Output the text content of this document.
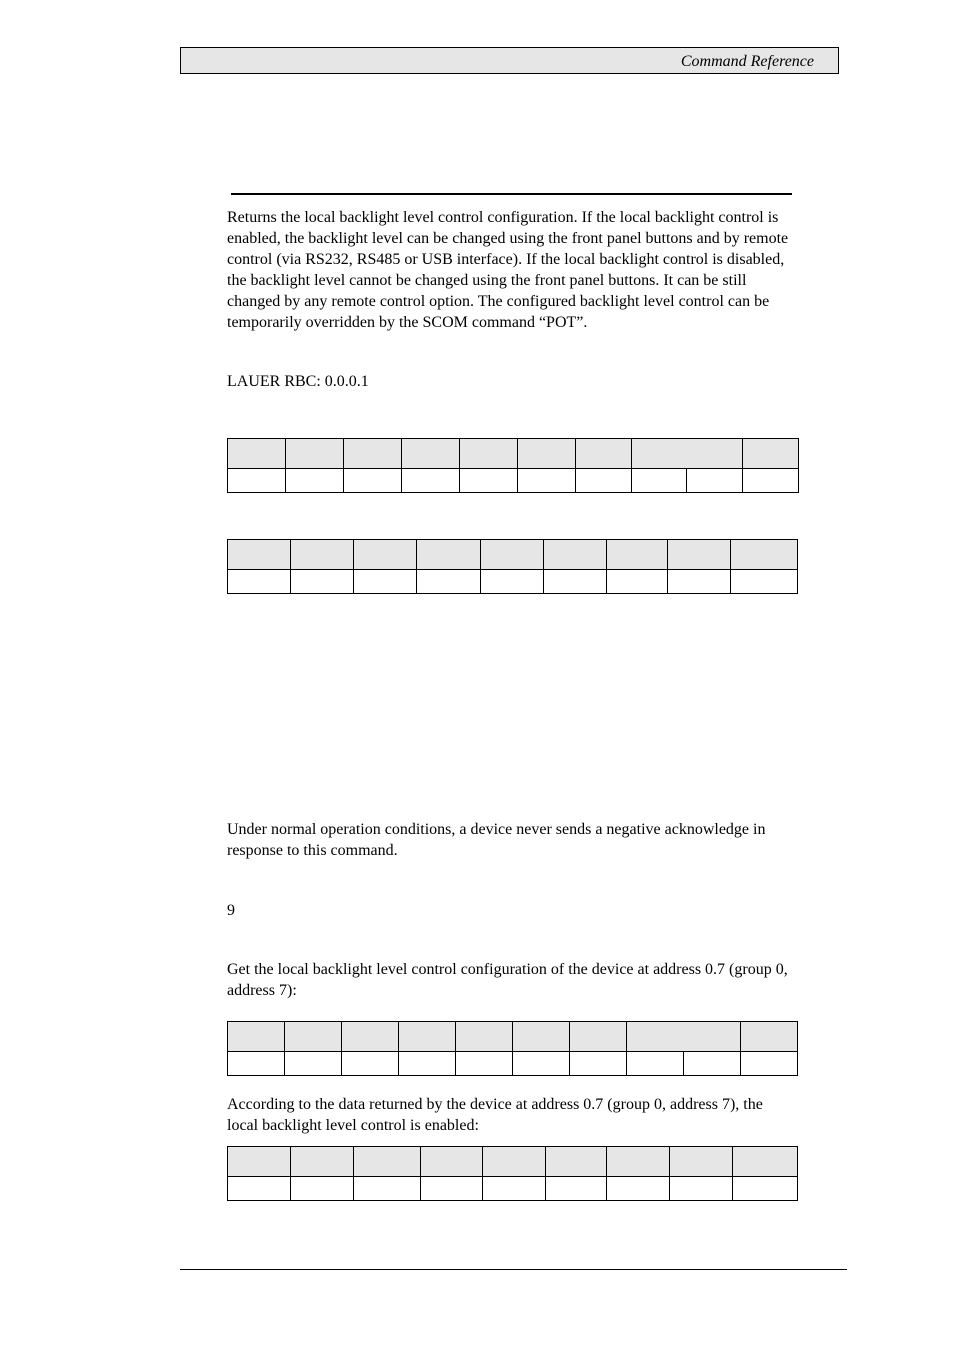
Command Reference
Returns the local backlight level control configuration. If the local backlight control is enabled, the backlight level can be changed using the front panel buttons and by remote control (via RS232, RS485 or USB interface). If the local backlight control is disabled, the backlight level cannot be changed using the front panel buttons. It can be still changed by any remote control option. The configured backlight level control can be temporarily overridden by the SCOM command “POT”.
LAUER RBC: 0.0.0.1

Under normal operation conditions, a device never sends a negative acknowledge in response to this command.
9
Get the local backlight level control configuration of the device at address 0.7 (group 0, address 7):

According to the data returned by the device at address 0.7 (group 0, address 7), the local backlight level control is enabled:
